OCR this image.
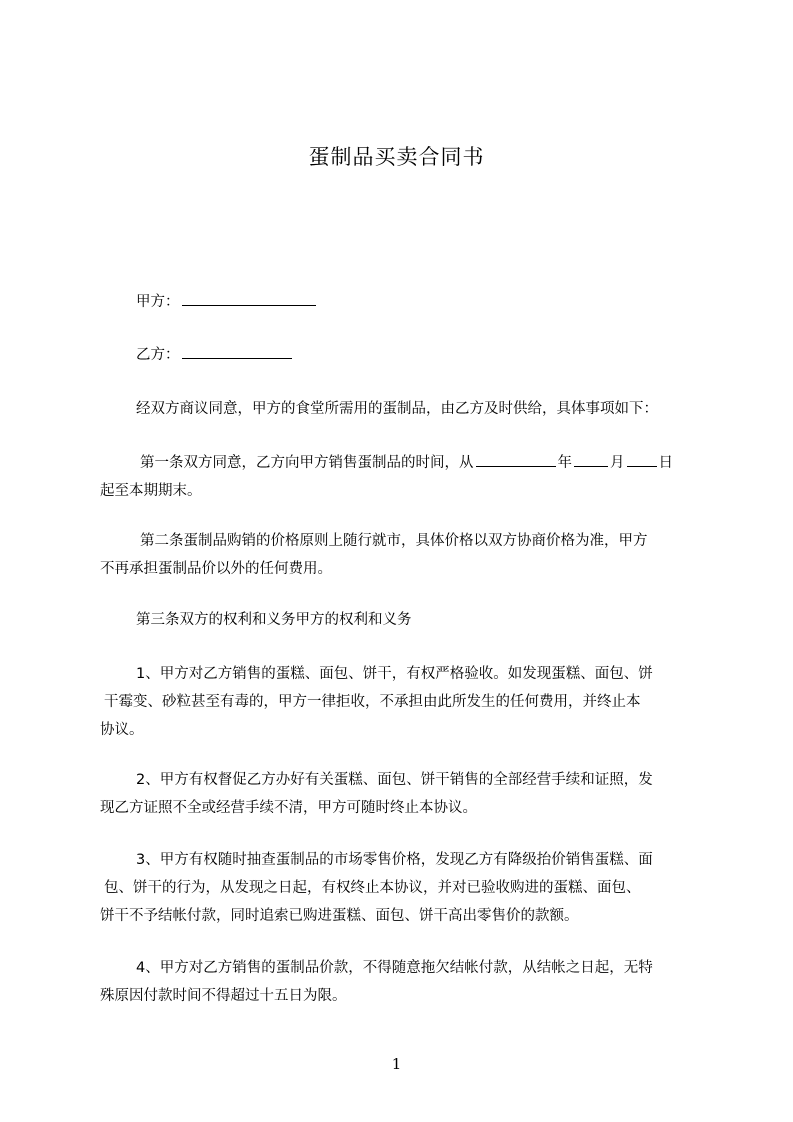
蛋制品买卖合同书
甲方：
乙方：
经双方商议同意，甲方的食堂所需用的蛋制品，由乙方及时供给，具体事项如下：
第一条双方同意，乙方向甲方销售蛋制品的时间，从	年	月 日
起至本期期末。
第二条蛋制品购销的价格原则上随行就市，具体价格以双方协商价格为准，甲方
不再承担蛋制品价以外的任何费用。
第三条双方的权利和义务甲方的权利和义务
1、甲方对乙方销售的蛋糕、面包、饼干，有权严格验收。如发现蛋糕、面包、饼
干霉变、砂粒甚至有毒的，甲方一律拒收，不承担由此所发生的任何费用，并终止本
协议。
2、甲方有权督促乙方办好有关蛋糕、面包、饼干销售的全部经营手续和证照，发
现乙方证照不全或经营手续不清，甲方可随时终止本协议。
3、甲方有权随时抽查蛋制品的市场零售价格，发现乙方有降级抬价销售蛋糕、面
包、饼干的行为，从发现之日起，有权终止本协议，并对已验收购进的蛋糕、面包、
饼干不予结帐付款，同时追索已购进蛋糕、面包、饼干高出零售价的款额。
4、甲方对乙方销售的蛋制品价款，不得随意拖欠结帐付款，从结帐之日起，无特
殊原因付款时间不得超过十五日为限。
1
